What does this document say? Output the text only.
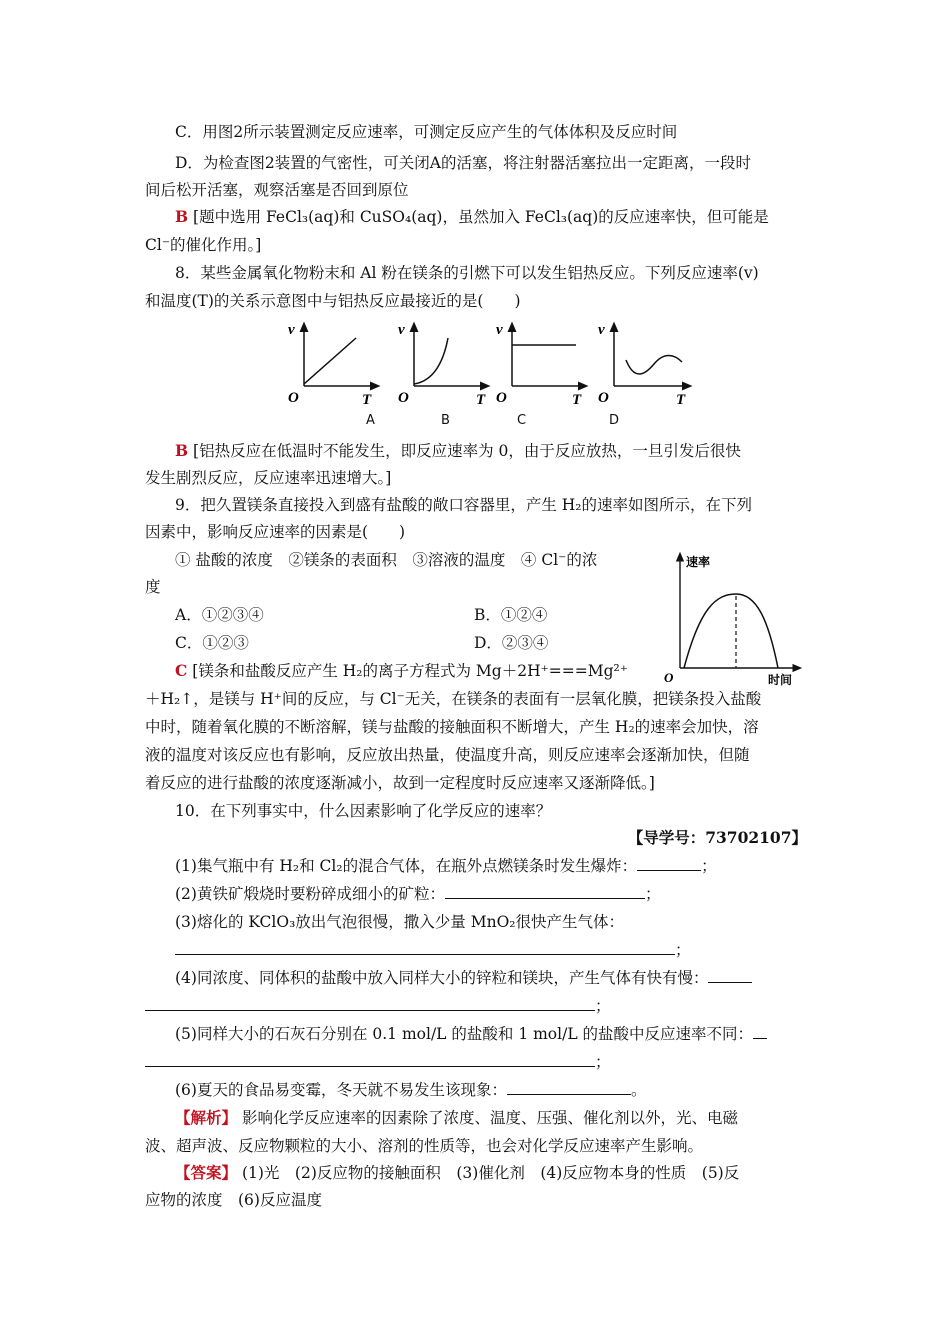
C．用图2所示装置测定反应速率，可测定反应产生的气体体积及反应时间
D．为检查图2装置的气密性，可关闭A的活塞，将注射器活塞拉出一定距离，一段时
间后松开活塞，观察活塞是否回到原位
B [题中选用 FeCl₃(aq)和 CuSO₄(aq)，虽然加入 FeCl₃(aq)的反应速率快，但可能是
Cl⁻的催化作用。]
8．某些金属氧化物粉末和 Al 粉在镁条的引燃下可以发生铝热反应。下列反应速率(v)
和温度(T)的关系示意图中与铝热反应最接近的是(　　)
v
O	T
v
O	T
v
O	T
v
O	T
A	B	C	D
B [铝热反应在低温时不能发生，即反应速率为 0，由于反应放热，一旦引发后很快
发生剧烈反应，反应速率迅速增大。]
9．把久置镁条直接投入到盛有盐酸的敞口容器里，产生 H₂的速率如图所示，在下列
因素中，影响反应速率的因素是(　　)
① 盐酸的浓度　②镁条的表面积　③溶液的温度　④ Cl⁻的浓
度
A．①②③④	B．①②④
C．①②③	D．②③④
速率
时间
O
C [镁条和盐酸反应产生 H₂的离子方程式为 Mg＋2H⁺===Mg²⁺
＋H₂↑，是镁与 H⁺间的反应，与 Cl⁻无关，在镁条的表面有一层氧化膜，把镁条投入盐酸
中时，随着氧化膜的不断溶解，镁与盐酸的接触面积不断增大，产生 H₂的速率会加快，溶
液的温度对该反应也有影响，反应放出热量，使温度升高，则反应速率会逐渐加快，但随
着反应的进行盐酸的浓度逐渐减小，故到一定程度时反应速率又逐渐降低。]
10．在下列事实中，什么因素影响了化学反应的速率？
【导学号：73702107】
(1)集气瓶中有 H₂和 Cl₂的混合气体，在瓶外点燃镁条时发生爆炸：	；
(2)黄铁矿煅烧时要粉碎成细小的矿粒：	；
(3)熔化的 KClO₃放出气泡很慢，撒入少量 MnO₂很快产生气体：
；
(4)同浓度、同体积的盐酸中放入同样大小的锌粒和镁块，产生气体有快有慢：
；
(5)同样大小的石灰石分别在 0.1 mol/L 的盐酸和 1 mol/L 的盐酸中反应速率不同：
；
(6)夏天的食品易变霉，冬天就不易发生该现象：	。
【解析】 影响化学反应速率的因素除了浓度、温度、压强、催化剂以外，光、电磁
波、超声波、反应物颗粒的大小、溶剂的性质等，也会对化学反应速率产生影响。
【答案】 (1)光　(2)反应物的接触面积　(3)催化剂　(4)反应物本身的性质　(5)反
应物的浓度　(6)反应温度
